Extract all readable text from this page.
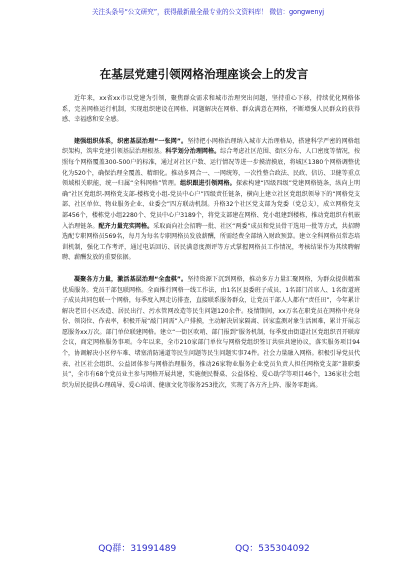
关注头条号“公文研究”，获得最新最全最专业的公文资料库！ 微信：gongwenyj
在基层党建引领网格治理座谈会上的发言

近年来，xx省xx市以党建为引领，聚焦群众需求和城市治理突出问题，坚持重心下移，持续优化网格体系，完善网格运行机制，实现组织建设在网格、问题解决在网格、群众满意在网格，不断增强人民群众的获得感、幸福感和安全感。

建强组织体系，织密基层治理“一张网”。坚持把小网格治理纳入城市大治理格局，搭建科学严密的网格组织架构，筑牢党建引领基层治理根基。科学划分治理网格。综合考虑社区范围、街区分布、人口密度等情况，按照每个网格覆盖300-500户的标准，通过对社区户数、运行情况等进一步摸清摸底，将城区1380个网格调整优化为520个，确保治理全覆盖、精细化。推动多网合一、一网统筹，一次性整合政法、民政、信访、卫健等重点领域相关职能，统一归属“全科网格”管理。组织跟进引领网格。探索构建“四级四级”党建网格链条，纵向上明确“社区党组织-网格党支部-楼栋党小组-党员中心户”四级责任链条，横向上建立社区党组织领导下的“网格党支部、社区单位、物业服务企业、业委会”四方联动机制。升格32个社区党支部为党委（党总支），成立网格党支部456个，楼栋党小组2280个、党员中心户3189个，将党支部建在网格、党小组建到楼栋，推动党组织有机嵌入治理链条。配齐力量充实网格。采取面向社会招聘一批、社区“两委”成员和党员骨干选用一批等方式，共招聘选配专职网格员569名，每月为每名专职网格员发放薪酬，所需经费全部纳入财政预算。建立全科网格员常态培训机制，强化工作考评，通过电话回访、居民满意度测评等方式掌握网格员工作情况，考核结果作为其续聘解聘、薪酬发放的重要依据。

凝聚各方力量，激活基层治理“全盘棋”。坚持资源下沉到网格，推动多方力量汇聚网格，为群众提供精准优质服务。党员干部包联网格。全面推行网格一线工作法，由1名区县委班子成员、1名部门首席人、1名街道班子成员共同包联一个网格，每季度入网走访排查，直接联系服务群众，让党员干部人人都有“责任田”，今年累计解决老旧小区改造、居民出行、污水管网改造等民生问题120余件。疫情期间，xx万名在职党员在网格中亮身份、领岗位、作表率，积极开展“敲门问需”入户排摸，主动解决居家隔离、居家监测对象生活困难，累计开展志愿服务xx万次。部门单位联建网格。建立“一街区吹哨、部门报到”服务机制，每季度由街道社区党组织召开联席会议，商定网格服务事项。今年以来，全市210家部门单位与网格党组织签订共驻共建协议，落实服务项目94个，协调解决小区停车难、堵塞消防通道等民生问题等民生问题实事74件。社会力量融入网格。积极引导党员代表、社区社会组织、公益团体参与网格治理服务，推动26家物业服务企业党员负责人担任网格党支部“兼职委员”，全市有68个党员业主参与网格开展共建，实施便民餐桌、公益体检、爱心助学等项目46个，136家社会组织为居民提供心理疏导、爱心培训、健康文化等服务253批次，实现了各方齐上阵、服务零距离。

QQ群：31991489	QQ：535304092
